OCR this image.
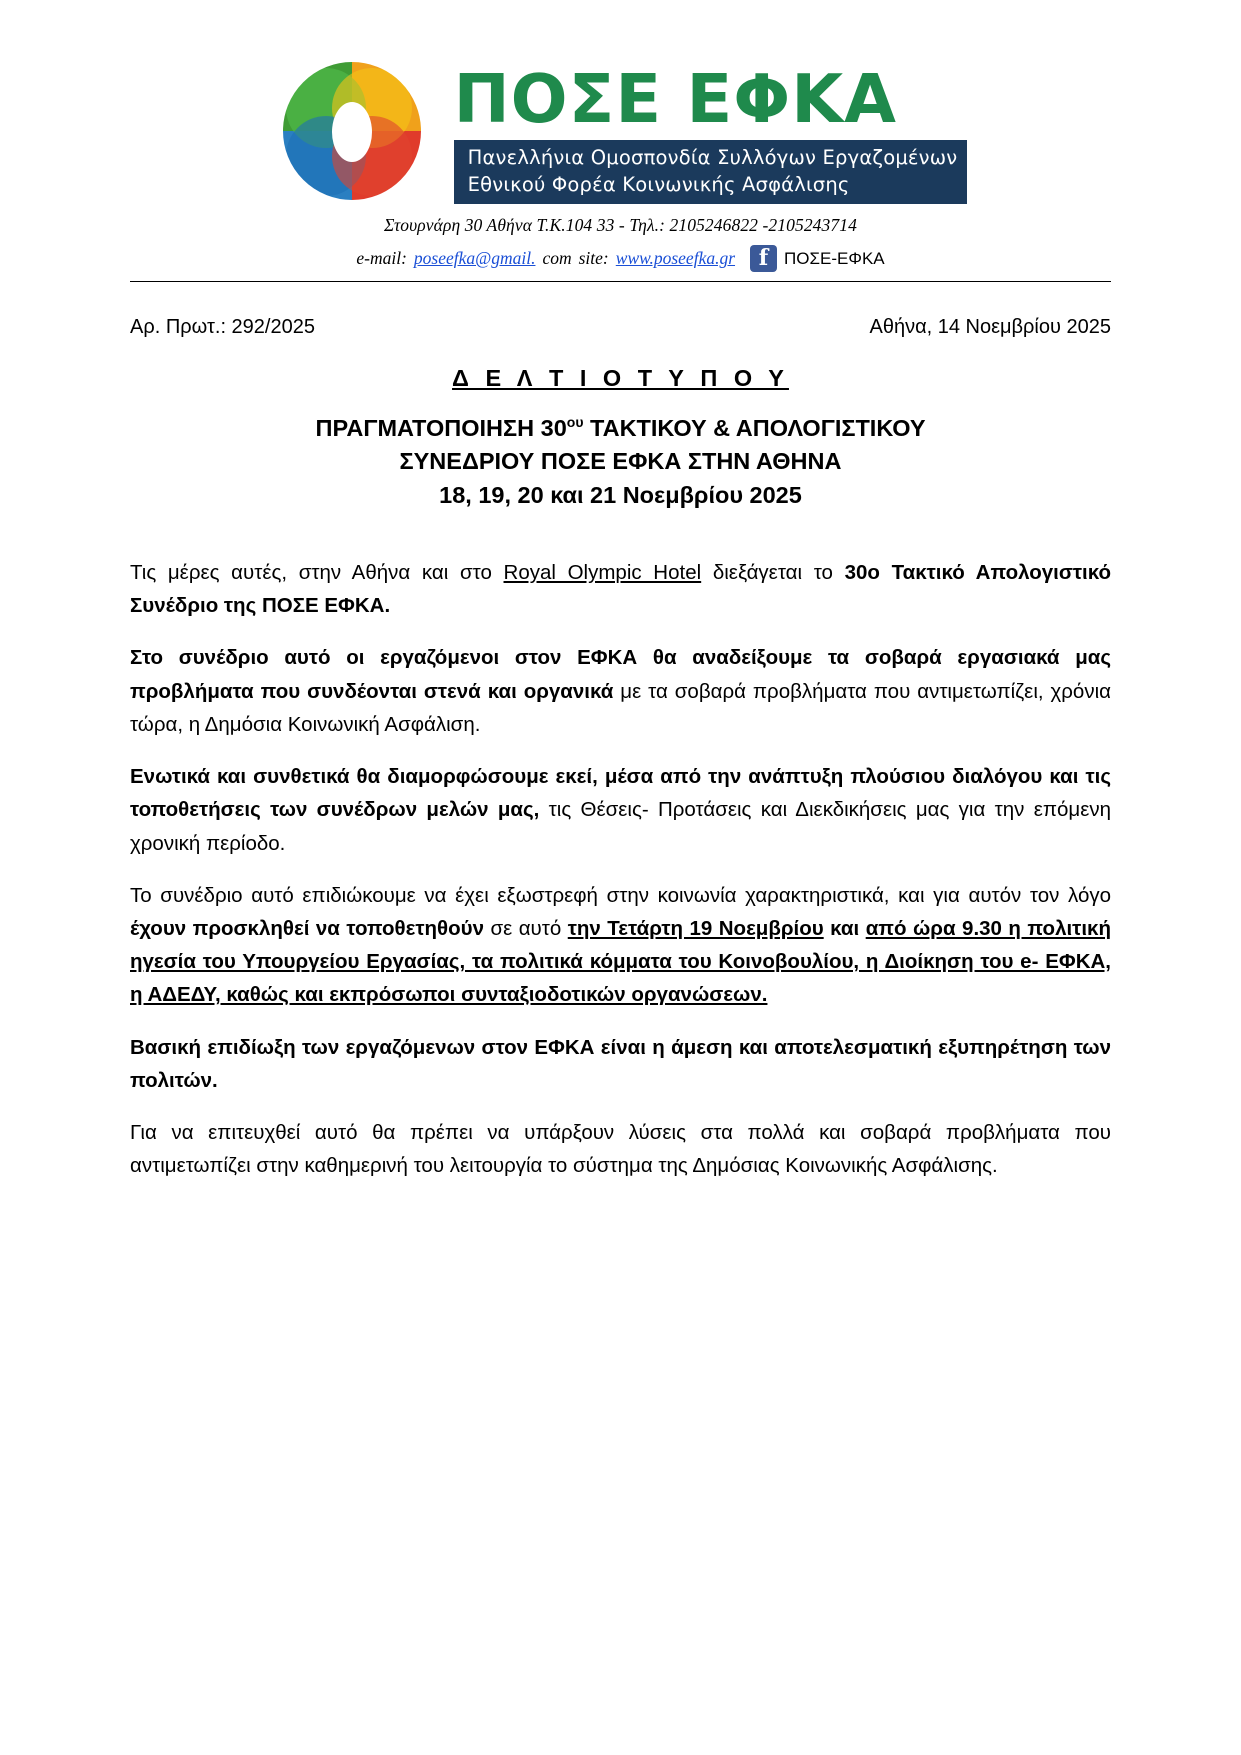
ΠΟΣΕ ΕΦΚΑ
Πανελλήνια Ομοσπονδία Συλλόγων Εργαζομένων
Εθνικού Φορέα Κοινωνικής Ασφάλισης
Στουρνάρη 30 Αθήνα Τ.Κ.104 33 - Τηλ.: 2105246822 -2105243714
e-mail: poseefka@gmail. com site: www.poseefka.gr	f ΠΟΣΕ-ΕΦΚΑ
Αρ. Πρωτ.: 292/2025	Αθήνα, 14 Νοεμβρίου 2025
Δ Ε Λ Τ Ι Ο Τ Υ Π Ο Υ
ΠΡΑΓΜΑΤΟΠΟΙΗΣΗ $30^{o\upsilon}$ ΤΑΚΤΙΚΟΥ & ΑΠΟΛΟΓΙΣΤΙΚΟΥ
ΣΥΝΕΔΡΙΟΥ ΠΟΣΕ ΕΦΚΑ ΣΤΗΝ ΑΘΗΝΑ
18, 19, 20 και 21 Νοεμβρίου 2025

Τις μέρες αυτές, στην Αθήνα και στο Royal Olympic Hotel διεξάγεται το 30ο Τακτικό Απολογιστικό Συνέδριο της ΠΟΣΕ ΕΦΚΑ.

Στο συνέδριο αυτό οι εργαζόμενοι στον ΕΦΚΑ θα αναδείξουμε τα σοβαρά εργασιακά μας προβλήματα που συνδέονται στενά και οργανικά με τα σοβαρά προβλήματα που αντιμετωπίζει, χρόνια τώρα, η Δημόσια Κοινωνική Ασφάλιση.

Ενωτικά και συνθετικά θα διαμορφώσουμε εκεί, μέσα από την ανάπτυξη πλούσιου διαλόγου και τις τοποθετήσεις των συνέδρων μελών μας, τις Θέσεις- Προτάσεις και Διεκδικήσεις μας για την επόμενη χρονική περίοδο.

Το συνέδριο αυτό επιδιώκουμε να έχει εξωστρεφή στην κοινωνία χαρακτηριστικά, και για αυτόν τον λόγο έχουν προσκληθεί να τοποθετηθούν σε αυτό την Τετάρτη 19 Νοεμβρίου και από ώρα 9.30 η πολιτική ηγεσία του Υπουργείου Εργασίας, τα πολιτικά κόμματα του Κοινοβουλίου, η Διοίκηση του e- ΕΦΚΑ, η ΑΔΕΔΥ, καθώς και εκπρόσωποι συνταξιοδοτικών οργανώσεων.

Βασική επιδίωξη των εργαζόμενων στον ΕΦΚΑ είναι η άμεση και αποτελεσματική εξυπηρέτηση των πολιτών.

Για να επιτευχθεί αυτό θα πρέπει να υπάρξουν λύσεις στα πολλά και σοβαρά προβλήματα που αντιμετωπίζει στην καθημερινή του λειτουργία το σύστημα της Δημόσιας Κοινωνικής Ασφάλισης.
